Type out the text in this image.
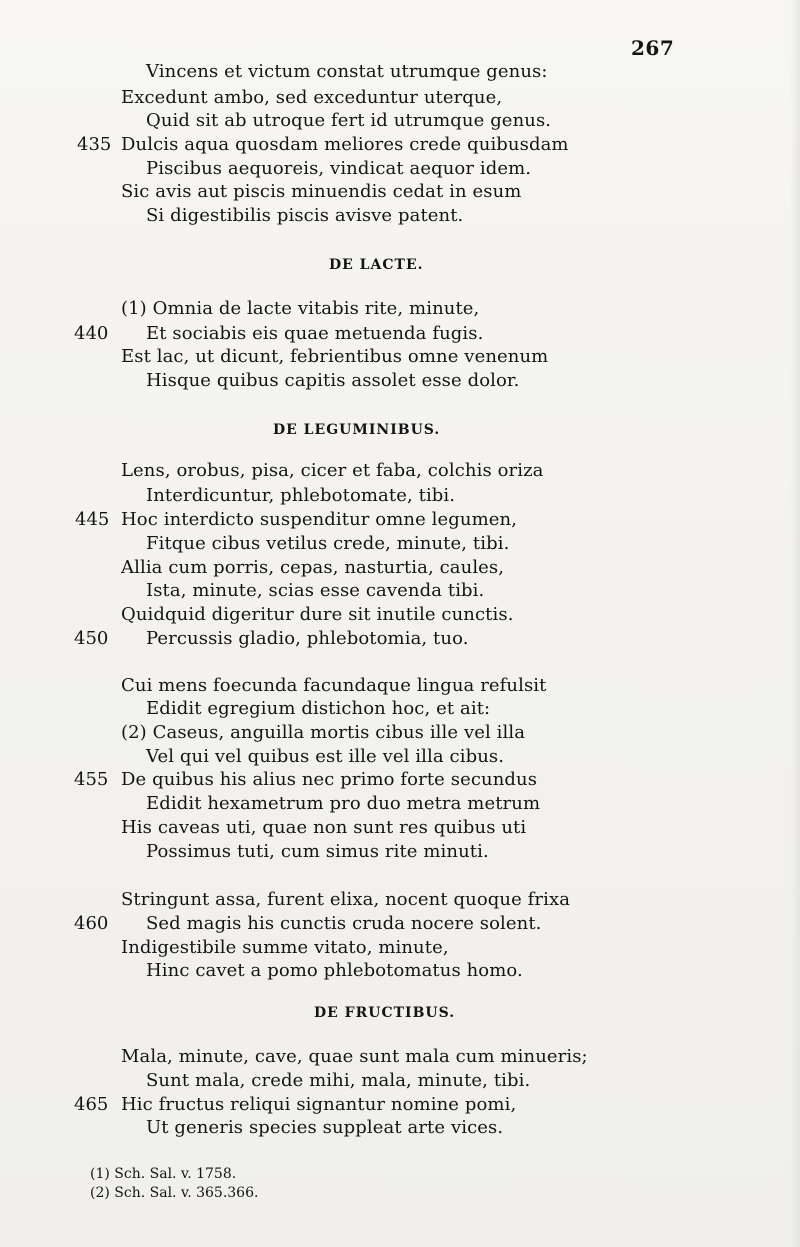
267
Vincens et victum constat utrumque genus:
Excedunt ambo, sed exceduntur uterque,
Quid sit ab utroque fert id utrumque genus.
435 Dulcis aqua quosdam meliores crede quibusdam
Piscibus aequoreis, vindicat aequor idem.
Sic avis aut piscis minuendis cedat in esum
Si digestibilis piscis avisve patent.
DE LACTE.
(1) Omnia de lacte vitabis rite, minute,
440 Et sociabis eis quae metuenda fugis.
Est lac, ut dicunt, febrientibus omne venenum
Hisque quibus capitis assolet esse dolor.
DE LEGUMINIBUS.
Lens, orobus, pisa, cicer et faba, colchis oriza
Interdicuntur, phlebotomate, tibi.
445 Hoc interdicto suspenditur omne legumen,
Fitque cibus vetilus crede, minute, tibi.
Allia cum porris, cepas, nasturtia, caules,
Ista, minute, scias esse cavenda tibi.
Quidquid digeritur dure sit inutile cunctis.
450 Percussis gladio, phlebotomia, tuo.
Cui mens foecunda facundaque lingua refulsit
Edidit egregium distichon hoc, et ait:
(2) Caseus, anguilla mortis cibus ille vel illa
Vel qui vel quibus est ille vel illa cibus.
455 De quibus his alius nec primo forte secundus
Edidit hexametrum pro duo metra metrum
His caveas uti, quae non sunt res quibus uti
Possimus tuti, cum simus rite minuti.
Stringunt assa, furent elixa, nocent quoque frixa
460 Sed magis his cunctis cruda nocere solent.
Indigestibile summe vitato, minute,
Hinc cavet a pomo phlebotomatus homo.
DE FRUCTIBUS.
Mala, minute, cave, quae sunt mala cum minueris;
Sunt mala, crede mihi, mala, minute, tibi.
465 Hic fructus reliqui signantur nomine pomi,
Ut generis species suppleat arte vices.
(1) Sch. Sal. v. 1758.
(2) Sch. Sal. v. 365.366.
